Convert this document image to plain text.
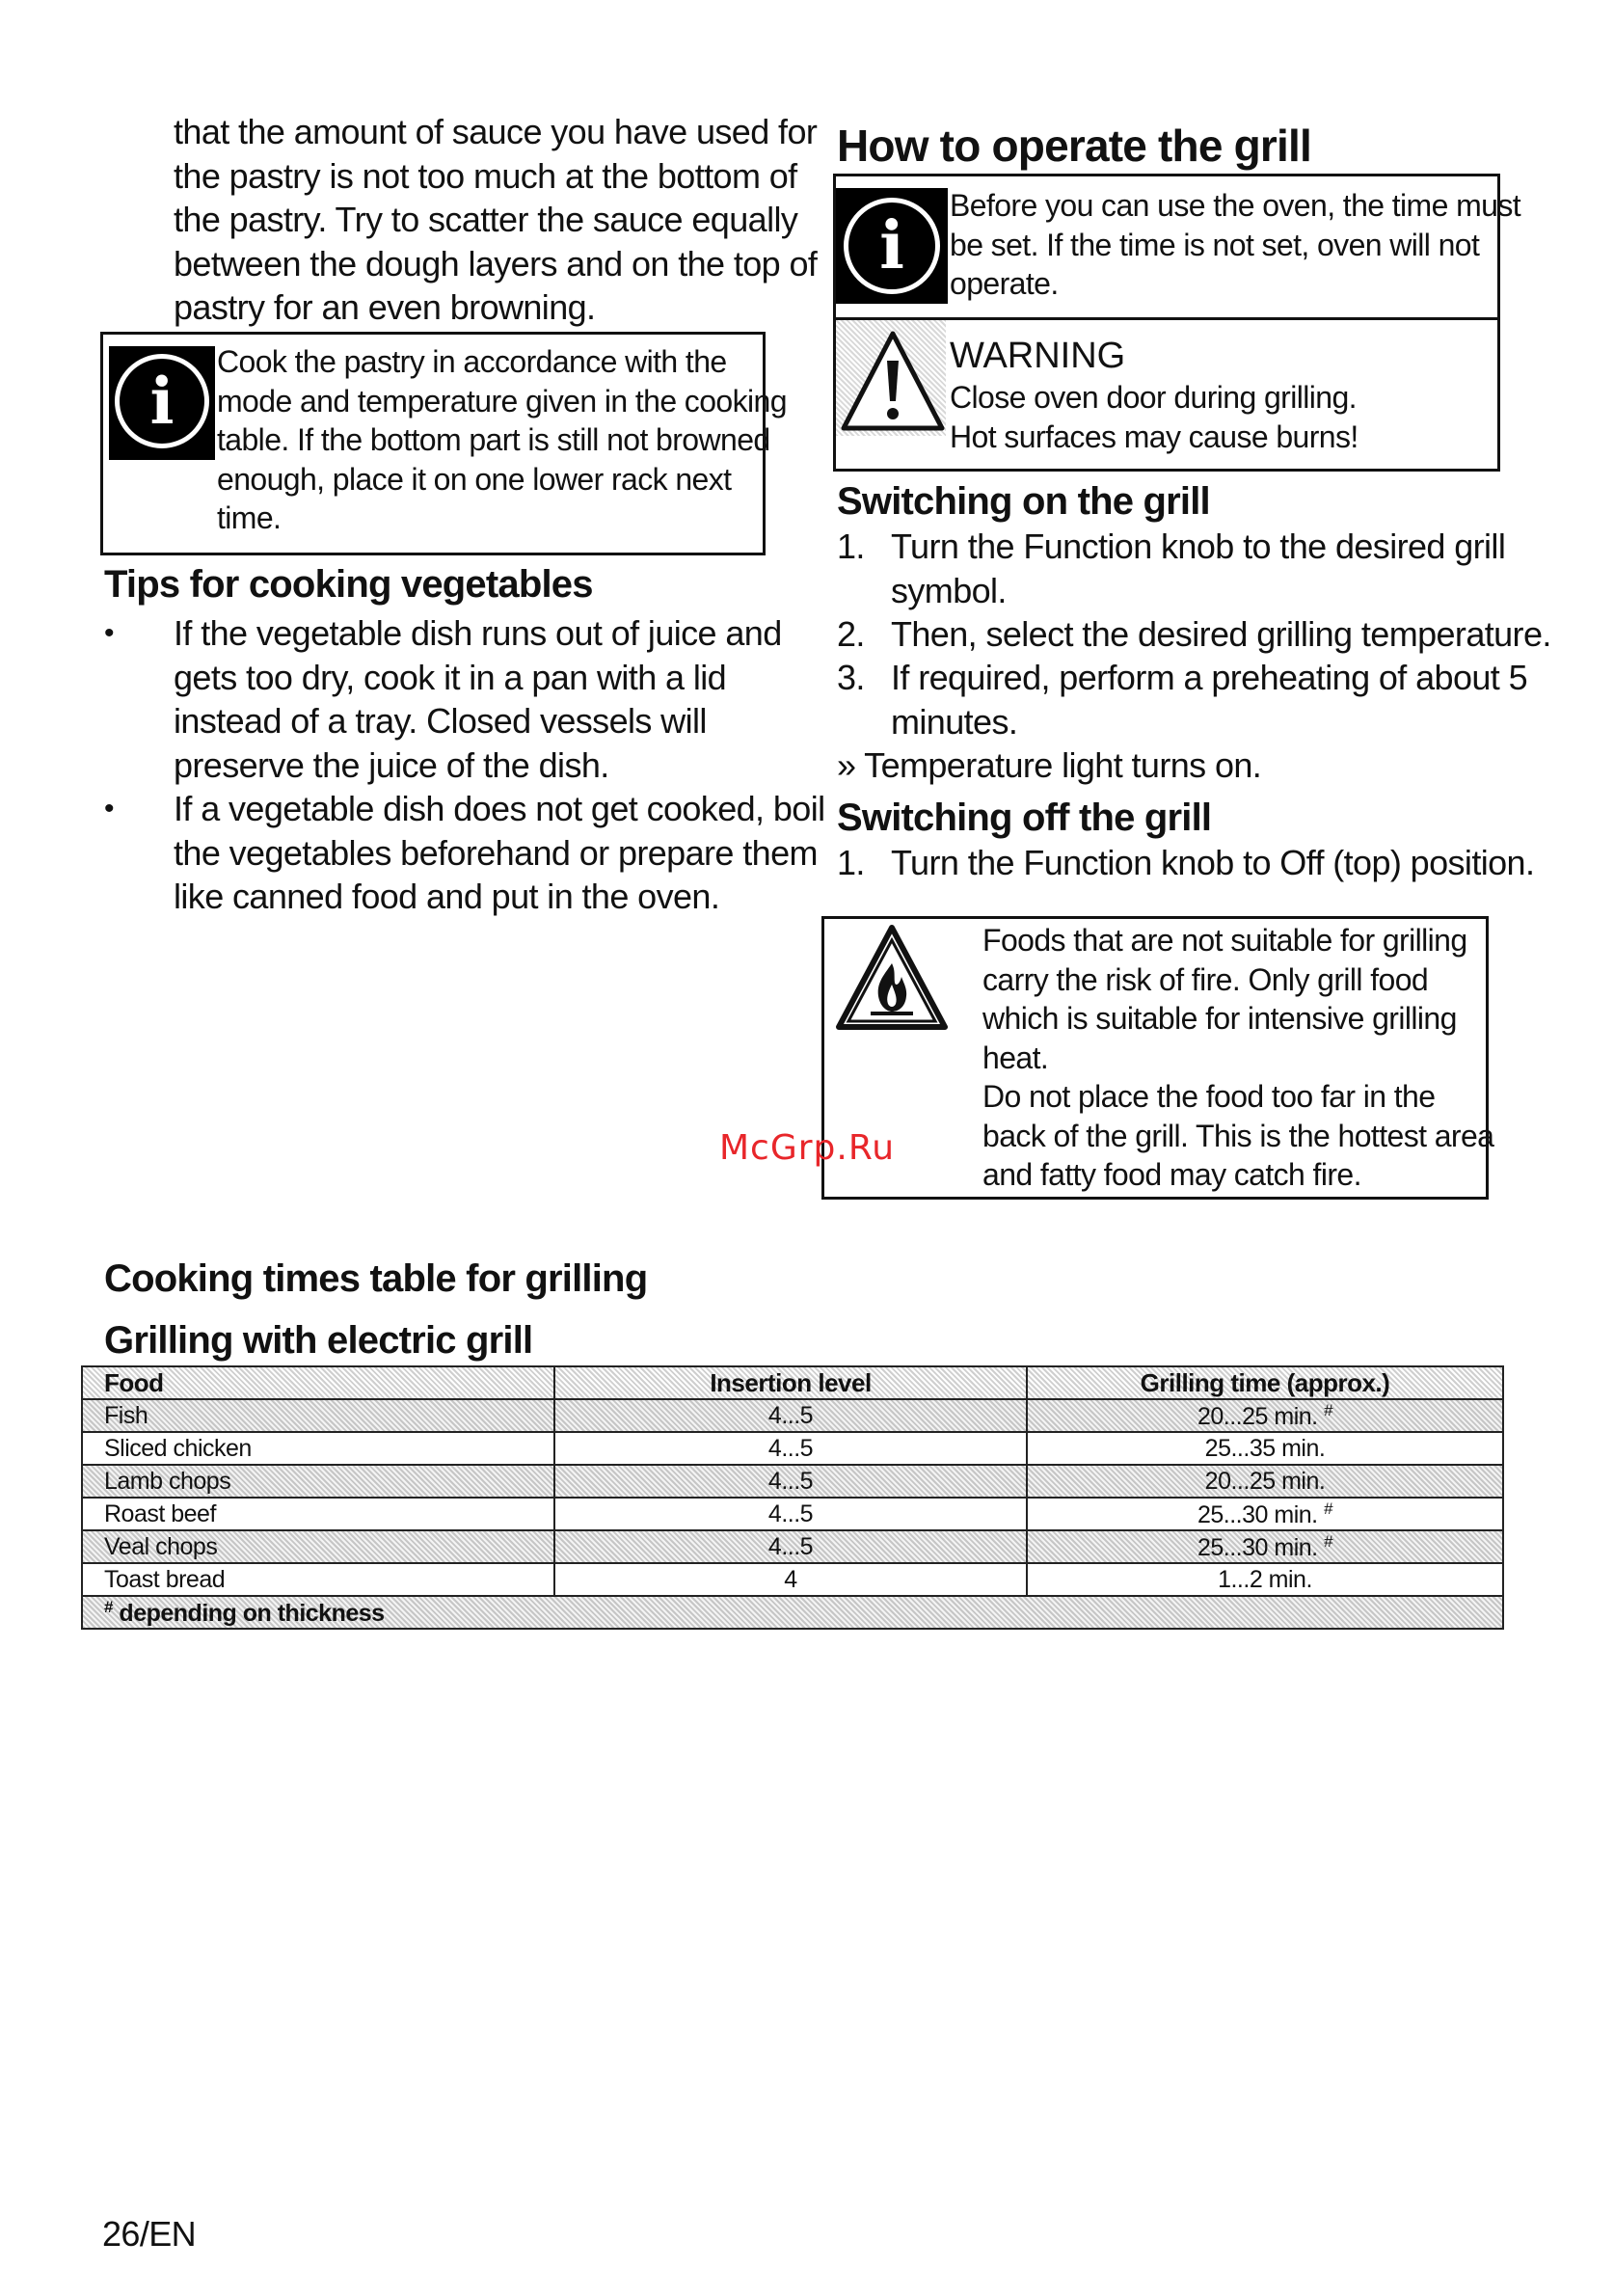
that the amount of sauce you have used for
the pastry is not too much at the bottom of
the pastry. Try to scatter the sauce equally
between the dough layers and on the top of
pastry for an even browning.
i
Cook the pastry in accordance with the
mode and temperature given in the cooking
table. If the bottom part is still not browned
enough, place it on one lower rack next
time.
Tips for cooking vegetables
• If the vegetable dish runs out of juice and
gets too dry, cook it in a pan with a lid
instead of a tray. Closed vessels will
preserve the juice of the dish.
• If a vegetable dish does not get cooked, boil
the vegetables beforehand or prepare them
like canned food and put in the oven.
How to operate the grill
i
Before you can use the oven, the time must
be set. If the time is not set, oven will not
operate.
WARNING
Close oven door during grilling.
Hot surfaces may cause burns!
Switching on the grill
1. Turn the Function knob to the desired grill
symbol.
2. Then, select the desired grilling temperature.
3. If required, perform a preheating of about 5
minutes.
» Temperature light turns on.
Switching off the grill
1. Turn the Function knob to Off (top) position.
Foods that are not suitable for grilling
carry the risk of fire. Only grill food
which is suitable for intensive grilling
heat.
Do not place the food too far in the
back of the grill. This is the hottest area
and fatty food may catch fire.
McGrp.Ru
Cooking times table for grilling
Grilling with electric grill
Food	Insertion level	Grilling time (approx.)
Fish	4...5	20...25 min. #
Sliced chicken	4...5	25...35 min.
Lamb chops	4...5	20...25 min.
Roast beef	4...5	25...30 min. #
Veal chops	4...5	25...30 min. #
Toast bread	4	1...2 min.
# depending on thickness		
26/EN
